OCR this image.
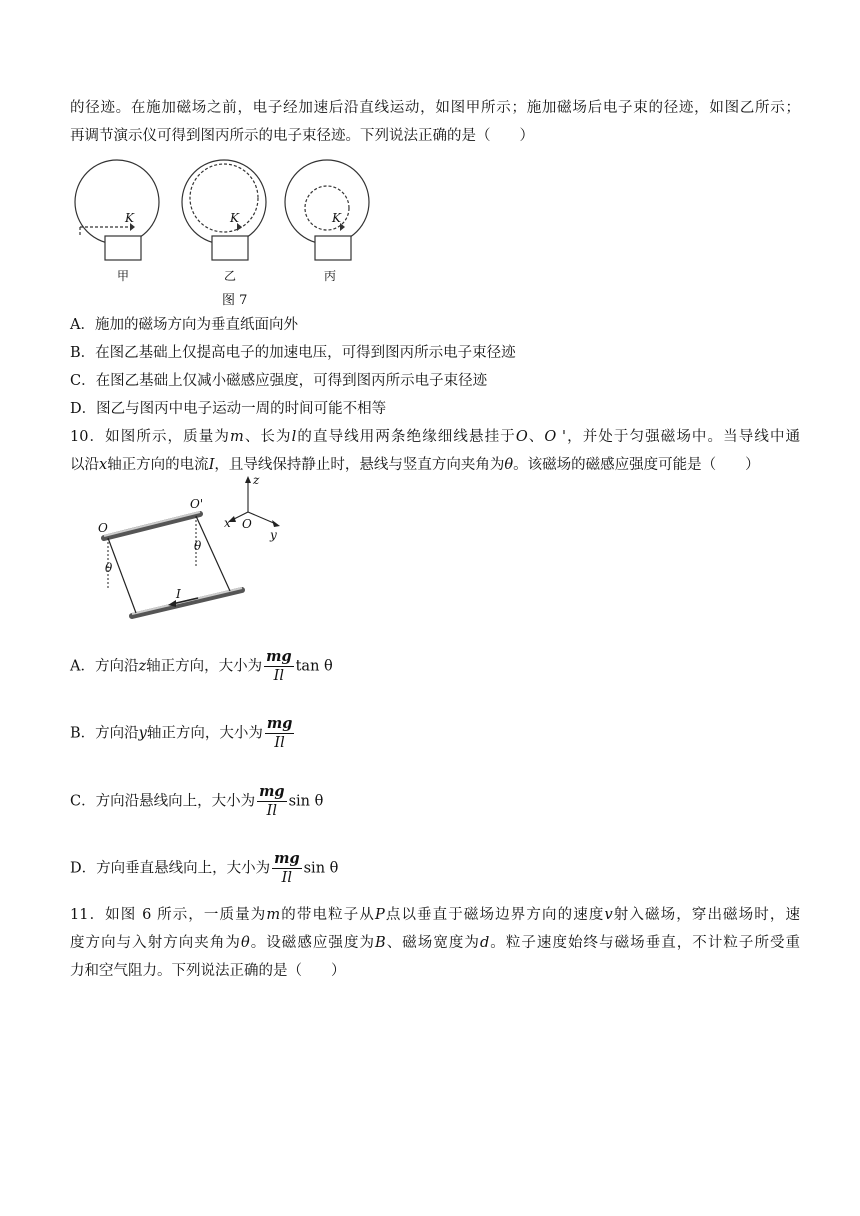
的径迹。在施加磁场之前，电子经加速后沿直线运动，如图甲所示；施加磁场后电子束的径迹，如图乙所示；
再调节演示仪可得到图丙所示的电子束径迹。下列说法正确的是（　　）
K	K	K
甲	乙	丙
图 7
A．施加的磁场方向为垂直纸面向外
B．在图乙基础上仅提高电子的加速电压，可得到图丙所示电子束径迹
C．在图乙基础上仅减小磁感应强度，可得到图丙所示电子束径迹
D．图乙与图丙中电子运动一周的时间可能不相等
10．如图所示，质量为m、长为l的直导线用两条绝缘细线悬挂于O、O '，并处于匀强磁场中。当导线中通
以沿x轴正方向的电流I，且导线保持静止时，悬线与竖直方向夹角为θ。该磁场的磁感应强度可能是（　　）
O
O'
θ
θ
I
z
x
y
O
A．方向沿z轴正方向，大小为 $\frac{mg}{Il}$ tan θ
B．方向沿y轴正方向，大小为 $\frac{mg}{Il}$
C．方向沿悬线向上，大小为 $\frac{mg}{Il}$ sin θ
D．方向垂直悬线向上，大小为 $\frac{mg}{Il}$ sin θ
11．如图 6 所示，一质量为m的带电粒子从P点以垂直于磁场边界方向的速度v射入磁场，穿出磁场时，速
度方向与入射方向夹角为θ。设磁感应强度为B、磁场宽度为d。粒子速度始终与磁场垂直，不计粒子所受重
力和空气阻力。下列说法正确的是（　　）
